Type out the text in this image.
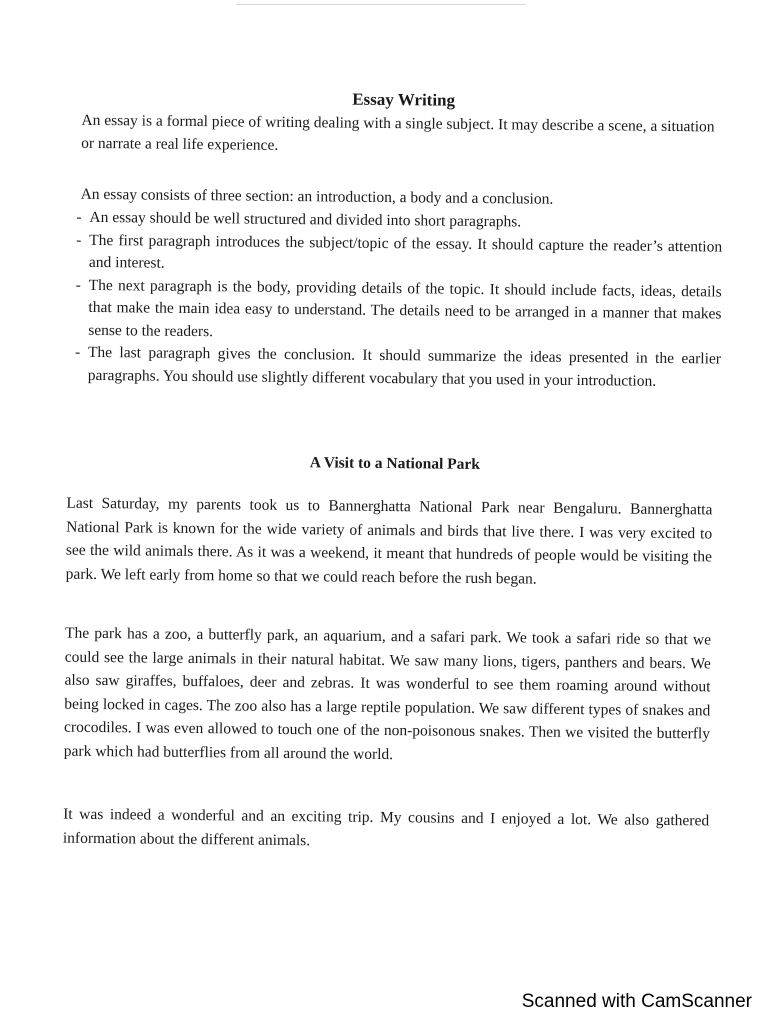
Essay Writing

An essay is a formal piece of writing dealing with a single subject. It may describe a scene, a situation or narrate a real life experience.

An essay consists of three section: an introduction, a body and a conclusion.

- An essay should be well structured and divided into short paragraphs.
- The first paragraph introduces the subject/topic of the essay. It should capture the reader’s attention and interest.
- The next paragraph is the body, providing details of the topic. It should include facts, ideas, details that make the main idea easy to understand. The details need to be arranged in a manner that makes sense to the readers.
- The last paragraph gives the conclusion. It should summarize the ideas presented in the earlier paragraphs. You should use slightly different vocabulary that you used in your introduction.
A Visit to a National Park

Last Saturday, my parents took us to Bannerghatta National Park near Bengaluru. Bannerghatta National Park is known for the wide variety of animals and birds that live there. I was very excited to see the wild animals there. As it was a weekend, it meant that hundreds of people would be visiting the park. We left early from home so that we could reach before the rush began.

The park has a zoo, a butterfly park, an aquarium, and a safari park. We took a safari ride so that we could see the large animals in their natural habitat. We saw many lions, tigers, panthers and bears. We also saw giraffes, buffaloes, deer and zebras. It was wonderful to see them roaming around without being locked in cages. The zoo also has a large reptile population. We saw different types of snakes and crocodiles. I was even allowed to touch one of the non-poisonous snakes. Then we visited the butterfly park which had butterflies from all around the world.

It was indeed a wonderful and an exciting trip. My cousins and I enjoyed a lot. We also gathered information about the different animals.

Scanned with CamScanner
